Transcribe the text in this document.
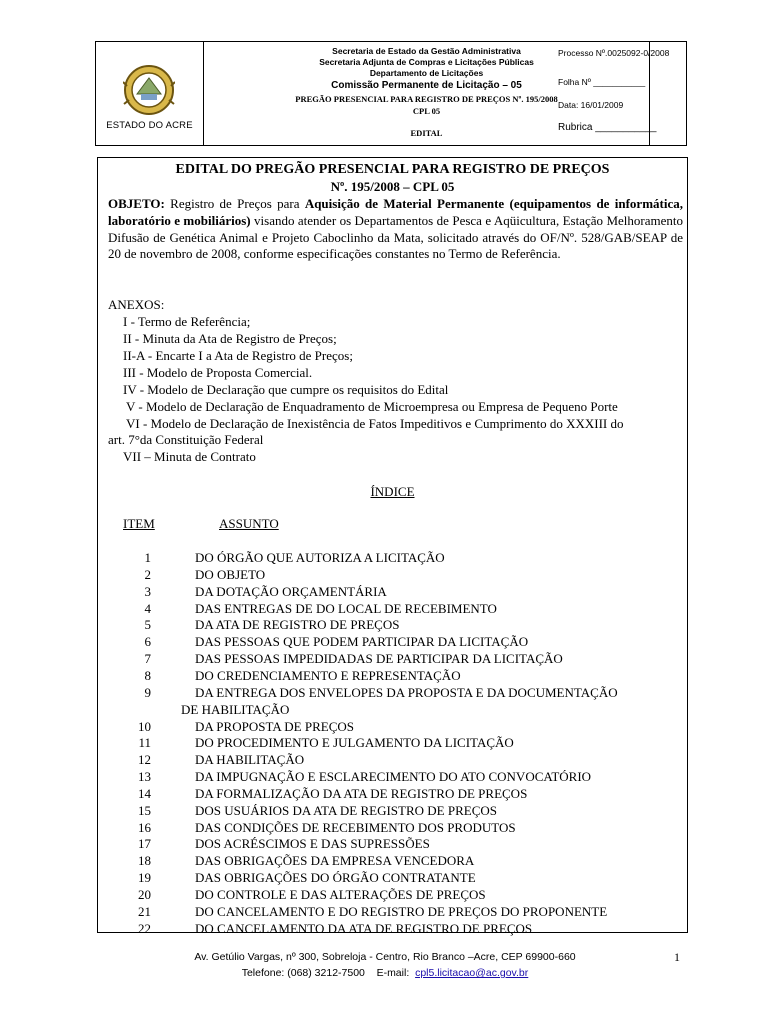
ESTADO DO ACRE
Secretaria de Estado da Gestão Administrativa
Secretaria Adjunta de Compras e Licitações Públicas
Departamento de Licitações
Comissão Permanente de Licitação – 05
PREGÃO PRESENCIAL PARA REGISTRO DE PREÇOS Nº. 195/2008
CPL 05
EDITAL
Processo Nº.0025092-0/2008
Folha Nº ___________
Data: 16/01/2009
Rubrica ___________
EDITAL DO PREGÃO PRESENCIAL PARA REGISTRO DE PREÇOS
Nº. 195/2008 – CPL 05
OBJETO: Registro de Preços para Aquisição de Material Permanente (equipamentos de informática, laboratório e mobiliários) visando atender os Departamentos de Pesca e Aqüicultura, Estação Melhoramento Difusão de Genética Animal e Projeto Caboclinho da Mata, solicitado através do OF/Nº. 528/GAB/SEAP de 20 de novembro de 2008, conforme especificações constantes no Termo de Referência.
ANEXOS:
I - Termo de Referência;
II - Minuta da Ata de Registro de Preços;
II-A - Encarte I a Ata de Registro de Preços;
III - Modelo de Proposta Comercial.
IV - Modelo de Declaração que cumpre os requisitos do Edital
V - Modelo de Declaração de Enquadramento de Microempresa ou Empresa de Pequeno Porte
VI - Modelo de Declaração de Inexistência de Fatos Impeditivos e Cumprimento do XXXIII do
art. 7°da Constituição Federal
VII – Minuta de Contrato
ÍNDICE
ITEM	ASSUNTO
1	DO ÓRGÃO QUE AUTORIZA A LICITAÇÃO
2	DO OBJETO
3	DA DOTAÇÃO ORÇAMENTÁRIA
4	DAS ENTREGAS DE DO LOCAL DE RECEBIMENTO
5	DA ATA DE REGISTRO DE PREÇOS
6	DAS PESSOAS QUE PODEM PARTICIPAR DA LICITAÇÃO
7	DAS PESSOAS IMPEDIDADAS DE PARTICIPAR DA LICITAÇÃO
8	DO CREDENCIAMENTO E REPRESENTAÇÃO
9	DA ENTREGA DOS ENVELOPES DA PROPOSTA E DA DOCUMENTAÇÃO
DE HABILITAÇÃO
10	DA PROPOSTA DE PREÇOS
11	DO PROCEDIMENTO E JULGAMENTO DA LICITAÇÃO
12	DA HABILITAÇÃO
13	DA IMPUGNAÇÃO E ESCLARECIMENTO DO ATO CONVOCATÓRIO
14	DA FORMALIZAÇÃO DA ATA DE REGISTRO DE PREÇOS
15	DOS USUÁRIOS DA ATA DE REGISTRO DE PREÇOS
16	DAS CONDIÇÕES DE RECEBIMENTO DOS PRODUTOS
17	DOS ACRÉSCIMOS E DAS SUPRESSÕES
18	DAS OBRIGAÇÕES DA EMPRESA VENCEDORA
19	DAS OBRIGAÇÕES DO ÓRGÃO CONTRATANTE
20	DO CONTROLE E DAS ALTERAÇÕES DE PREÇOS
21	DO CANCELAMENTO E DO REGISTRO DE PREÇOS DO PROPONENTE
22	DO CANCELAMENTO DA ATA DE REGISTRO DE PREÇOS
Av. Getúlio Vargas, nº 300, Sobreloja - Centro, Rio Branco –Acre, CEP 69900-660
Telefone: (068) 3212-7500    E-mail:  cpl5.licitacao@ac.gov.br
1
